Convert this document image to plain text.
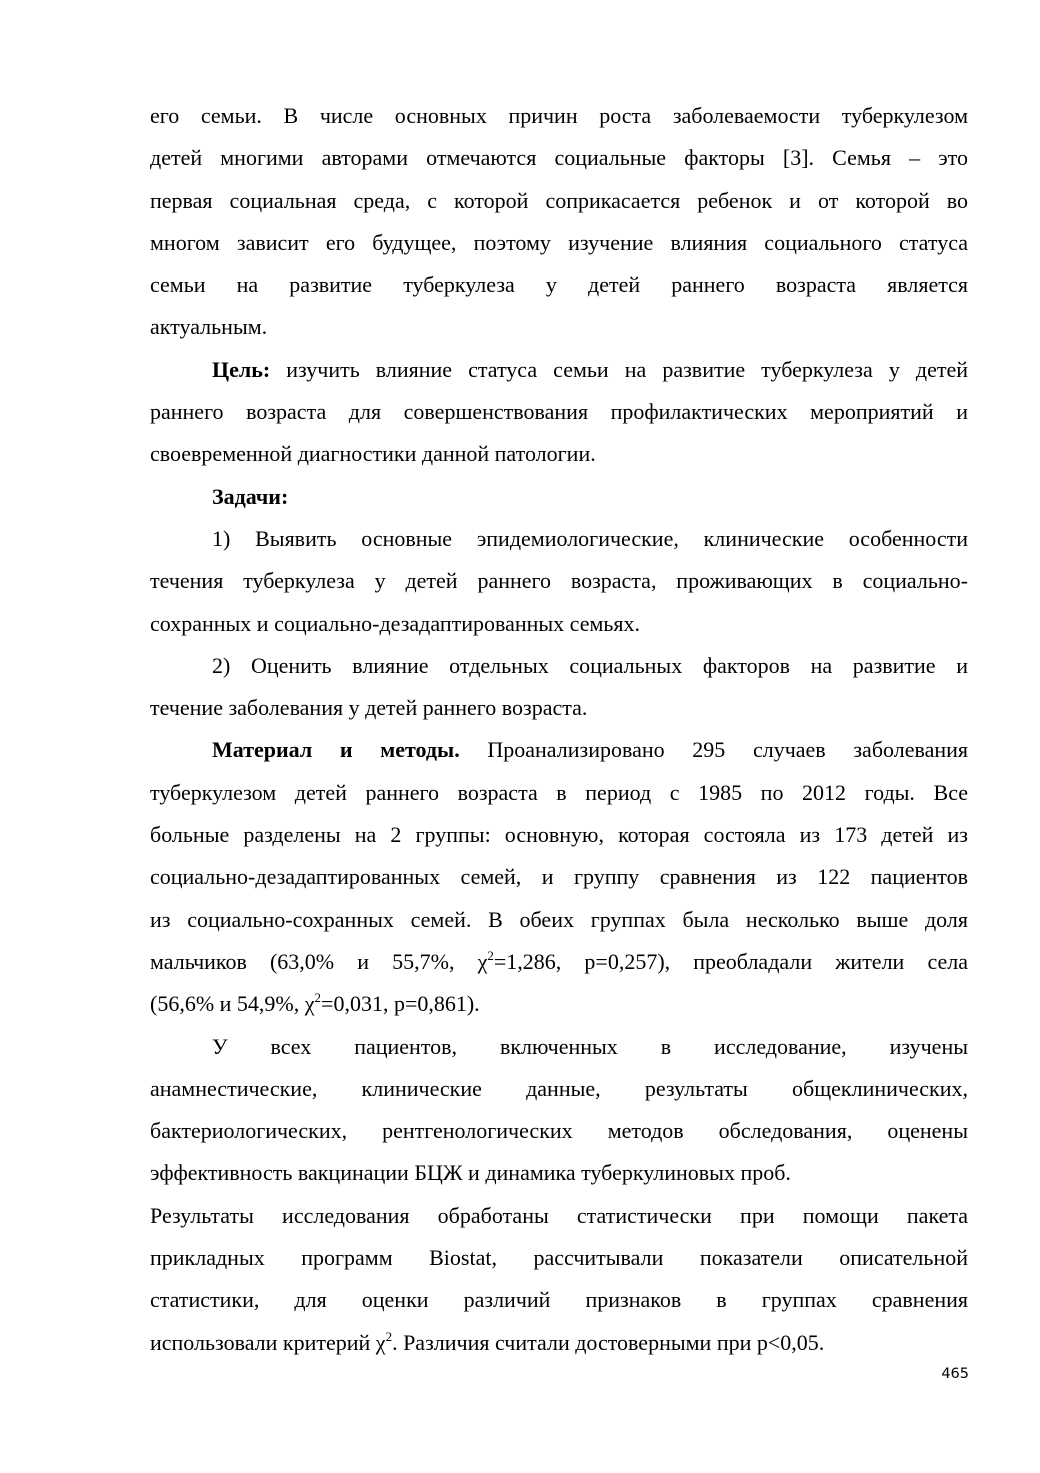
его семьи. В числе основных причин роста заболеваемости туберкулезом
детей многими авторами отмечаются социальные факторы [3]. Семья – это
первая социальная среда, с которой соприкасается ребенок и от которой во
многом зависит его будущее, поэтому изучение влияния социального статуса
семьи на развитие туберкулеза у детей раннего возраста является
актуальным.
Цель: изучить влияние статуса семьи на развитие туберкулеза у детей
раннего возраста для совершенствования профилактических мероприятий и
своевременной диагностики данной патологии.
Задачи:
1) Выявить основные эпидемиологические, клинические особенности
течения туберкулеза у детей раннего возраста, проживающих в социально-
сохранных и социально-дезадаптированных семьях.
2) Оценить влияние отдельных социальных факторов на развитие и
течение заболевания у детей раннего возраста.
Материал и методы. Проанализировано 295 случаев заболевания
туберкулезом детей раннего возраста в период с 1985 по 2012 годы. Все
больные разделены на 2 группы: основную, которая состояла из 173 детей из
социально-дезадаптированных семей, и группу сравнения из 122 пациентов
из социально-сохранных семей. В обеих группах была несколько выше доля
мальчиков (63,0% и 55,7%, $\chi^2=1,286$, p=0,257), преобладали жители села
(56,6% и 54,9%, $\chi^2=0,031$, p=0,861).
У всех пациентов, включенных в исследование, изучены
анамнестические, клинические данные, результаты общеклинических,
бактериологических, рентгенологических методов обследования, оценены
эффективность вакцинации БЦЖ и динамика туберкулиновых проб.
Результаты исследования обработаны статистически при помощи пакета
прикладных программ Biostat, рассчитывали показатели описательной
статистики, для оценки различий признаков в группах сравнения
использовали критерий $\chi^2$. Различия считали достоверными при p<0,05.
465
